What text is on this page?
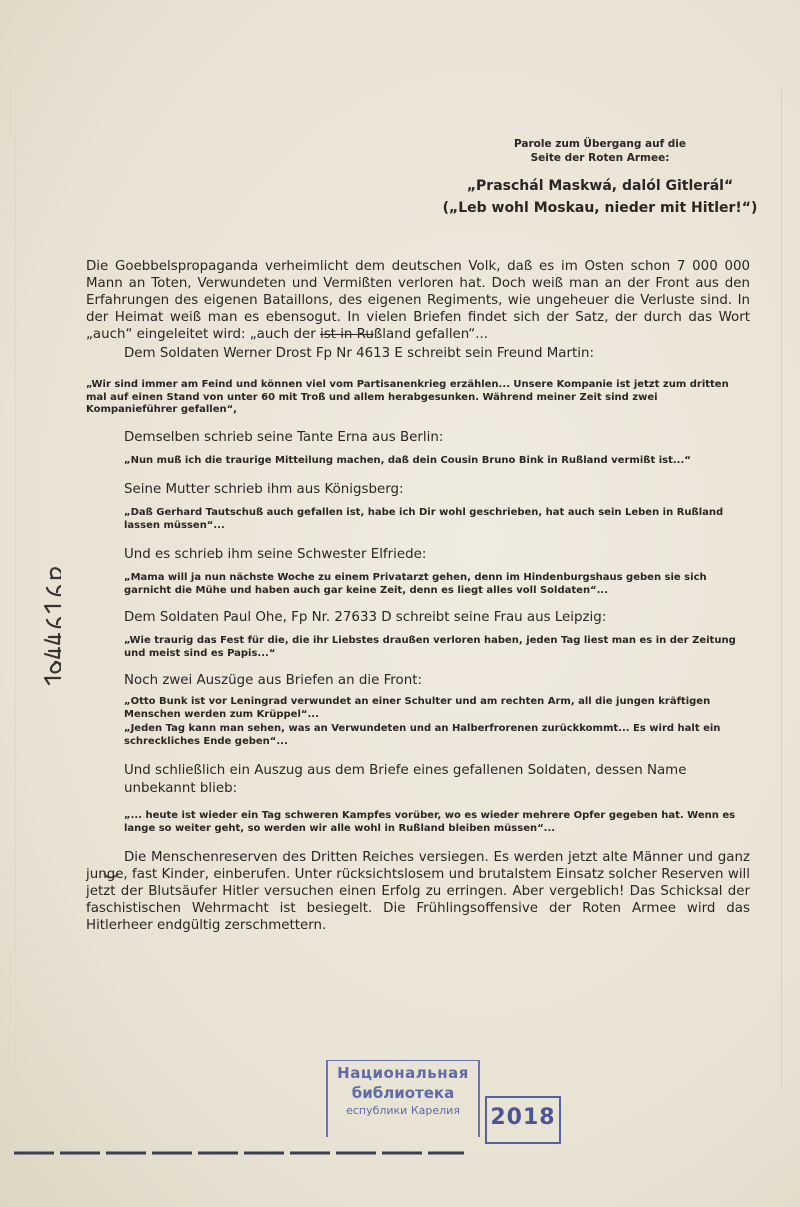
Parole zum Übergang auf die
Seite der Roten Armee:
„Praschál Maskwá, dalól Gitlerál“
(„Leb wohl Moskau, nieder mit Hitler!“)

Die Goebbelspropaganda verheimlicht dem deutschen Volk, daß es im Osten schon 7 000 000 Mann an Toten, Verwundeten und Vermißten verloren hat. Doch weiß man an der Front aus den Erfahrungen des eigenen Bataillons, des eigenen Regiments, wie ungeheuer die Verluste sind. In der Heimat weiß man es ebensogut. In vielen Briefen findet sich der Satz, der durch das Wort „auch“ eingeleitet wird: „auch der ist in Rußland gefallen“...

Dem Soldaten Werner Drost Fp Nr 4613 E schreibt sein Freund Martin:

„Wir sind immer am Feind und können viel vom Partisanenkrieg erzählen... Unsere Kompanie ist jetzt zum dritten mal auf einen Stand von unter 60 mit Troß und allem herabgesunken. Während meiner Zeit sind zwei Kompanieführer gefallen“,

Demselben schrieb seine Tante Erna aus Berlin:

„Nun muß ich die traurige Mitteilung machen, daß dein Cousin Bruno Bink in Rußland vermißt ist...“

Seine Mutter schrieb ihm aus Königsberg:

„Daß Gerhard Tautschuß auch gefallen ist, habe ich Dir wohl geschrieben, hat auch sein Leben in Rußland lassen müssen“...

Und es schrieb ihm seine Schwester Elfriede:

„Mama will ja nun nächste Woche zu einem Privatarzt gehen, denn im Hindenburgshaus geben sie sich garnicht die Mühe und haben auch gar keine Zeit, denn es liegt alles voll Soldaten“...

Dem Soldaten Paul Ohe, Fp Nr. 27633 D schreibt seine Frau aus Leipzig:

„Wie traurig das Fest für die, die ihr Liebstes draußen verloren haben, jeden Tag liest man es in der Zeitung und meist sind es Papis...“

Noch zwei Auszüge aus Briefen an die Front:

„Otto Bunk ist vor Leningrad verwundet an einer Schulter und am rechten Arm, all die jungen kräftigen Menschen werden zum Krüppel“...

„Jeden Tag kann man sehen, was an Verwundeten und an Halberfrorenen zurückkommt... Es wird halt ein schreckliches Ende geben“...

Und schließlich ein Auszug aus dem Briefe eines gefallenen Soldaten, dessen Name unbekannt blieb:

„... heute ist wieder ein Tag schweren Kampfes vorüber, wo es wieder mehrere Opfer gegeben hat. Wenn es lange so weiter geht, so werden wir alle wohl in Rußland bleiben müssen“...

Die Menschenreserven des Dritten Reiches versiegen. Es werden jetzt alte Männer und ganz junge, fast Kinder, einberufen. Unter rücksichtslosem und brutalstem Einsatz solcher Reserven will jetzt der Blutsäufer Hitler versuchen einen Erfolg zu erringen. Aber vergeblich! Das Schicksal der faschistischen Wehrmacht ist besiegelt. Die Frühlingsoffensive der Roten Armee wird das Hitlerheer endgültig zerschmettern.

Национальная
библиотека
еспублики Карелия	2018
